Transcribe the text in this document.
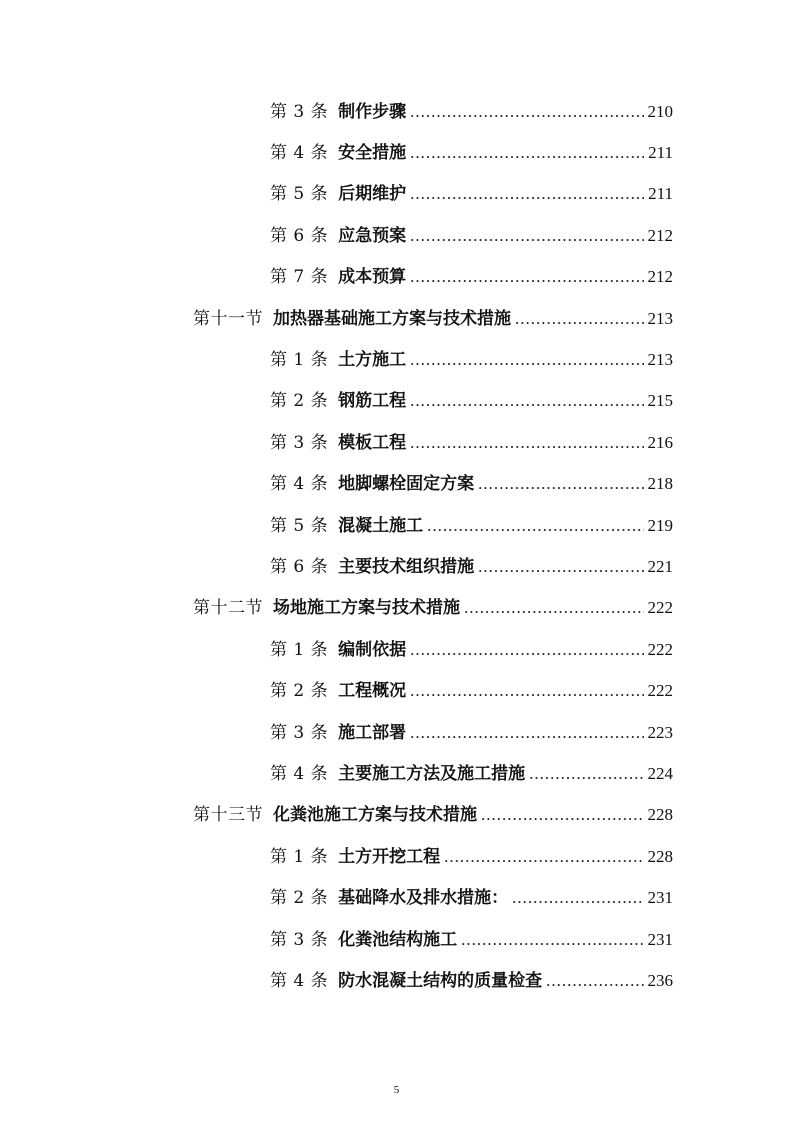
第 3 条 制作步骤 .....	210
第 4 条 安全措施 .....	211
第 5 条 后期维护 .....	211
第 6 条 应急预案 .....	212
第 7 条 成本预算 .....	212
第十一节 加热器基础施工方案与技术措施 .....	213
第 1 条 土方施工 .....	213
第 2 条 钢筋工程 .....	215
第 3 条 模板工程 .....	216
第 4 条 地脚螺栓固定方案 .....	218
第 5 条 混凝土施工 .....	219
第 6 条 主要技术组织措施 .....	221
第十二节 场地施工方案与技术措施 .....	222
第 1 条 编制依据 .....	222
第 2 条 工程概况 .....	222
第 3 条 施工部署 .....	223
第 4 条 主要施工方法及施工措施 .....	224
第十三节 化粪池施工方案与技术措施 .....	228
第 1 条 土方开挖工程 .....	228
第 2 条 基础降水及排水措施： .....	231
第 3 条 化粪池结构施工 .....	231
第 4 条 防水混凝土结构的质量检查 .....	236
5
